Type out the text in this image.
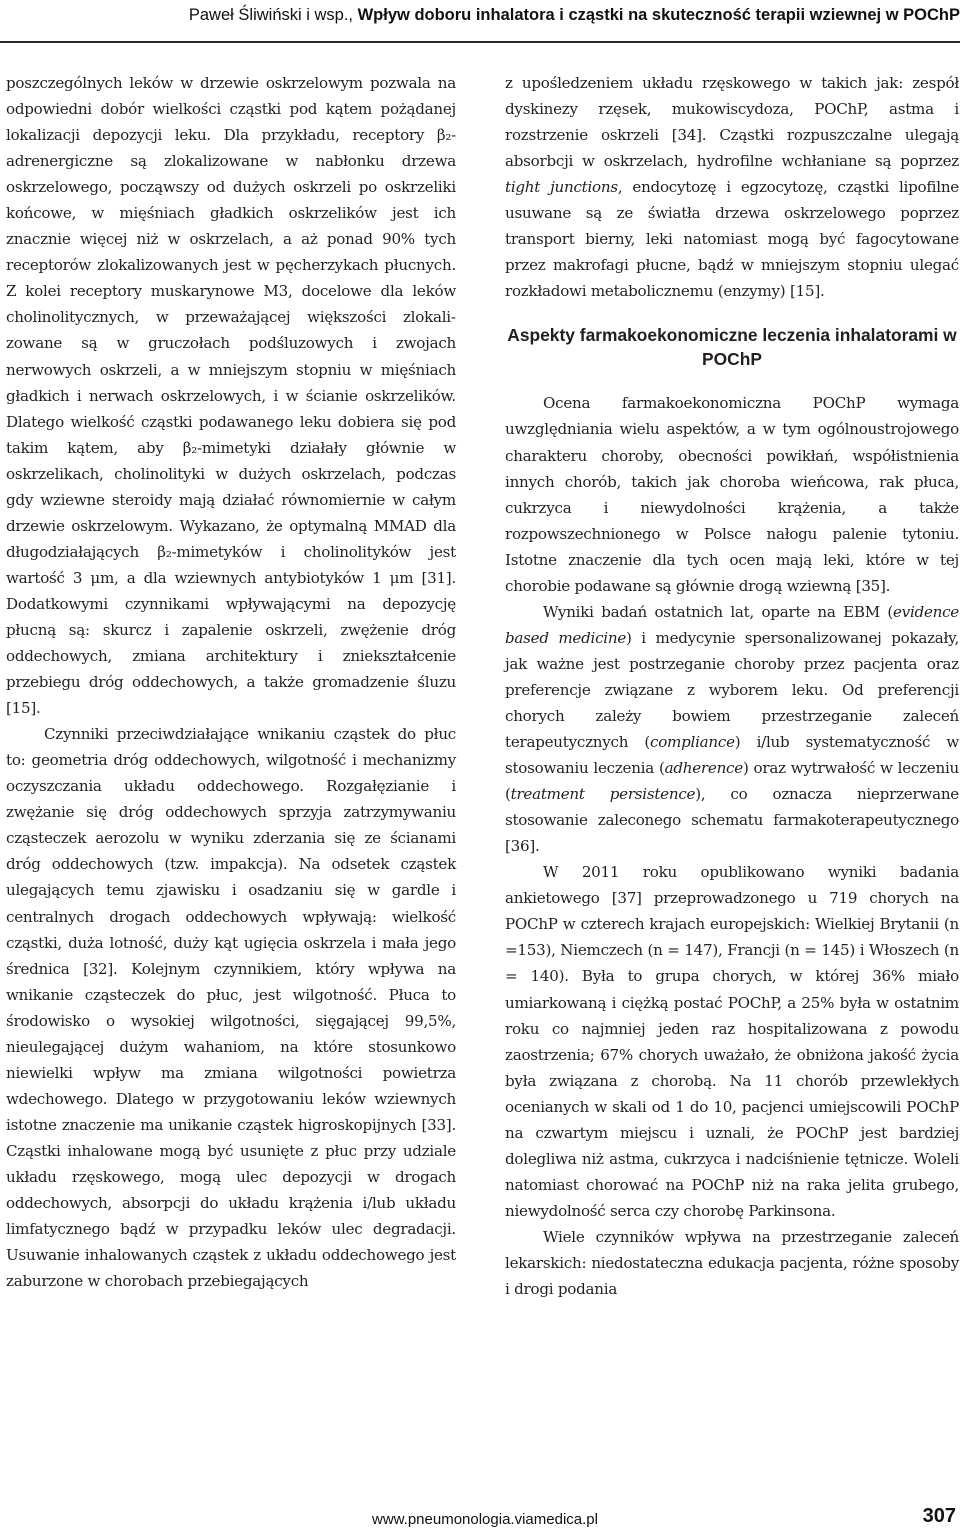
Paweł Śliwiński i wsp., Wpływ doboru inhalatora i cząstki na skuteczność terapii wziewnej w POChP

poszczególnych leków w drzewie oskrzelowym pozwala na odpowiedni dobór wielkości cząstki pod kątem pożądanej lokalizacji depozycji leku. Dla przykładu, receptory β₂-adrenergiczne są zlokalizowane w nabłonku drzewa oskrzelowego, począwszy od dużych oskrzeli po oskrzeliki końcowe, w mięśniach gładkich oskrzelików jest ich znacznie więcej niż w oskrzelach, a aż ponad 90% tych receptorów zlokalizowanych jest w pęcherzykach płucnych. Z kolei receptory muskarynowe M3, docelowe dla leków cholinolitycznych, w przeważającej większości zlokalizowane są w gruczołach podśluzowych i zwojach nerwowych oskrzeli, a w mniejszym stopniu w mięśniach gładkich i nerwach oskrzelowych, i w ścianie oskrzelików. Dlatego wielkość cząstki podawanego leku dobiera się pod takim kątem, aby β₂-mimetyki działały głównie w oskrzelikach, cholinolityki w dużych oskrzelach, podczas gdy wziewne steroidy mają działać równomiernie w całym drzewie oskrzelowym. Wykazano, że optymalną MMAD dla długodziałających β₂-mimetyków i cholinolityków jest wartość 3 μm, a dla wziewnych antybiotyków 1 μm [31]. Dodatkowymi czynnikami wpływającymi na depozycję płucną są: skurcz i zapalenie oskrzeli, zwężenie dróg oddechowych, zmiana architektury i zniekształcenie przebiegu dróg oddechowych, a także gromadzenie śluzu [15].

Czynniki przeciwdziałające wnikaniu cząstek do płuc to: geometria dróg oddechowych, wilgotność i mechanizmy oczyszczania układu oddechowego. Rozgałęzianie i zwężanie się dróg oddechowych sprzyja zatrzymywaniu cząsteczek aerozolu w wyniku zderzania się ze ścianami dróg oddechowych (tzw. impakcja). Na odsetek cząstek ulegających temu zjawisku i osadzaniu się w gardle i centralnych drogach oddechowych wpływają: wielkość cząstki, duża lotność, duży kąt ugięcia oskrzela i mała jego średnica [32]. Kolejnym czynnikiem, który wpływa na wnikanie cząsteczek do płuc, jest wilgotność. Płuca to środowisko o wysokiej wilgotności, sięgającej 99,5%, nieulegającej dużym wahaniom, na które stosunkowo niewielki wpływ ma zmiana wilgotności powietrza wdechowego. Dlatego w przygotowaniu leków wziewnych istotne znaczenie ma unikanie cząstek higroskopijnych [33]. Cząstki inhalowane mogą być usunięte z płuc przy udziale układu rzęskowego, mogą ulec depozycji w drogach oddechowych, absorpcji do układu krążenia i/lub układu limfatycznego bądź w przypadku leków ulec degradacji. Usuwanie inhalowanych cząstek z układu oddechowego jest zaburzone w chorobach przebiegających

z upośledzeniem układu rzęskowego w takich jak: zespół dyskinezy rzęsek, mukowiscydoza, POChP, astma i rozstrzenie oskrzeli [34]. Cząstki rozpuszczalne ulegają absorbcji w oskrzelach, hydrofilne wchłaniane są poprzez tight junctions, endocytozę i egzocytozę, cząstki lipofilne usuwane są ze światła drzewa oskrzelowego poprzez transport bierny, leki natomiast mogą być fagocytowane przez makrofagi płucne, bądź w mniejszym stopniu ulegać rozkładowi metabolicznemu (enzymy) [15].

Aspekty farmakoekonomiczne leczenia inhalatorami w POChP

Ocena farmakoekonomiczna POChP wymaga uwzględniania wielu aspektów, a w tym ogólnoustrojowego charakteru choroby, obecności powikłań, współistnienia innych chorób, takich jak choroba wieńcowa, rak płuca, cukrzyca i niewydolności krążenia, a także rozpowszechnionego w Polsce nałogu palenie tytoniu. Istotne znaczenie dla tych ocen mają leki, które w tej chorobie podawane są głównie drogą wziewną [35].

Wyniki badań ostatnich lat, oparte na EBM (evidence based medicine) i medycynie spersonalizowanej pokazały, jak ważne jest postrzeganie choroby przez pacjenta oraz preferencje związane z wyborem leku. Od preferencji chorych zależy bowiem przestrzeganie zaleceń terapeutycznych (compliance) i/lub systematyczność w stosowaniu leczenia (adherence) oraz wytrwałość w leczeniu (treatment persistence), co oznacza nieprzerwane stosowanie zaleconego schematu farmakoterapeutycznego [36].

W 2011 roku opublikowano wyniki badania ankietowego [37] przeprowadzonego u 719 chorych na POChP w czterech krajach europejskich: Wielkiej Brytanii (n =153), Niemczech (n = 147), Francji (n = 145) i Włoszech (n = 140). Była to grupa chorych, w której 36% miało umiarkowaną i ciężką postać POChP, a 25% była w ostatnim roku co najmniej jeden raz hospitalizowana z powodu zaostrzenia; 67% chorych uważało, że obniżona jakość życia była związana z chorobą. Na 11 chorób przewlekłych ocenianych w skali od 1 do 10, pacjenci umiejscowili POChP na czwartym miejscu i uznali, że POChP jest bardziej dolegliwa niż astma, cukrzyca i nadciśnienie tętnicze. Woleli natomiast chorować na POChP niż na raka jelita grubego, niewydolność serca czy chorobę Parkinsona.

Wiele czynników wpływa na przestrzeganie zaleceń lekarskich: niedostateczna edukacja pacjenta, różne sposoby i drogi podania

www.pneumonologia.viamedica.pl	307
